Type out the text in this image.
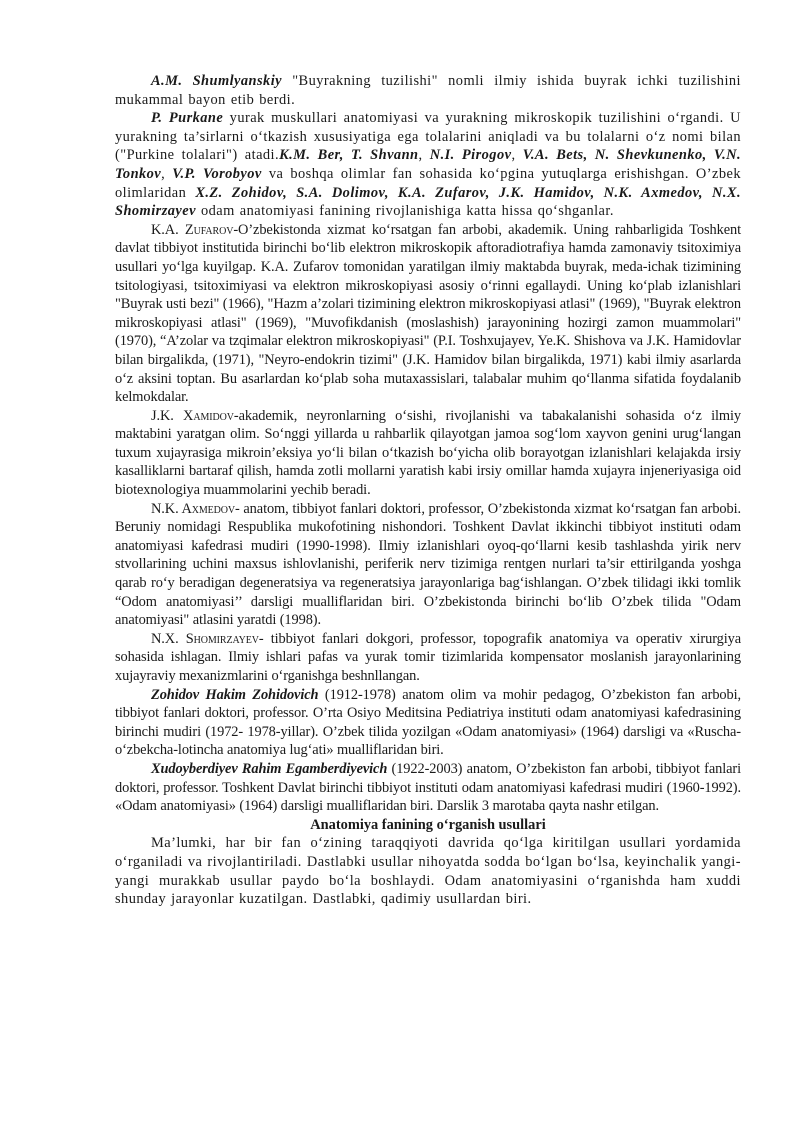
A.M. Shumlyanskiy "Buyrakning tuzilishi" nomli ilmiy ishida buyrak ichki tuzilishini mukammal bayon etib berdi.

P. Purkane yurak muskullari anatomiyasi va yurakning mikroskopik tuzilishini o‘rgandi. U yurakning ta’sirlarni o‘tkazish xususiyatiga ega tolalarini aniqladi va bu tolalarni o‘z nomi bilan ("Purkine tolalari") atadi.K.M. Ber, T. Shvann, N.I. Pirogov, V.A. Bets, N. Shevkunenko, V.N. Tonkov, V.P. Vorobyov va boshqa olimlar fan sohasida ko‘pgina yutuqlarga erishishgan. O’zbek olimlaridan X.Z. Zohidov, S.A. Dolimov, K.A. Zufarov, J.K. Hamidov, N.K. Axmedov, N.X. Shomirzayev odam anatomiyasi fanining rivojlanishiga katta hissa qo‘shganlar.

K.A. Zufarov-O’zbekistonda xizmat ko‘rsatgan fan arbobi, akademik. Uning rahbarligida Toshkent davlat tibbiyot institutida birinchi bo‘lib elektron mikroskopik aftoradiotrafiya hamda zamonaviy tsitoximiya usullari yo‘lga kuyilgap. K.A. Zufarov tomonidan yaratilgan ilmiy maktabda buyrak, meda-ichak tizimining tsitologiyasi, tsitoximiyasi va elektron mikroskopiyasi asosiy o‘rinni egallaydi. Uning ko‘plab izlanishlari "Buyrak usti bezi" (1966), "Hazm a’zolari tizimining elektron mikroskopiyasi atlasi" (1969), "Buyrak elektron mikroskopiyasi atlasi" (1969), "Muvofikdanish (moslashish) jarayonining hozirgi zamon muammolari" (1970), “A’zolar va tzqimalar elektron mikroskopiyasi" (P.I. Toshxujayev, Ye.K. Shishova va J.K. Hamidovlar bilan birgalikda, (1971), "Neyro-endokrin tizimi" (J.K. Hamidov bilan birgalikda, 1971) kabi ilmiy asarlarda o‘z aksini toptan. Bu asarlardan ko‘plab soha mutaxassislari, talabalar muhim qo‘llanma sifatida foydalanib kelmokdalar.

J.K. Xamidov-akademik, neyronlarning o‘sishi, rivojlanishi va tabakalanishi sohasida o‘z ilmiy maktabini yaratgan olim. So‘nggi yillarda u rahbarlik qilayotgan jamoa sog‘lom xayvon genini urug‘langan tuxum xujayrasiga mikroin’eksiya yo‘li bilan o‘tkazish bo‘yicha olib borayotgan izlanishlari kelajakda irsiy kasalliklarni bartaraf qilish, hamda zotli mollarni yaratish kabi irsiy omillar hamda xujayra injeneriyasiga oid biotexnologiya muammolarini yechib beradi.

N.K. Axmedov- anatom, tibbiyot fanlari doktori, professor, O’zbekistonda xizmat ko‘rsatgan fan arbobi. Beruniy nomidagi Respublika mukofotining nishondori. Toshkent Davlat ikkinchi tibbiyot instituti odam anatomiyasi kafedrasi mudiri (1990-1998). Ilmiy izlanishlari oyoq-qo‘llarni kesib tashlashda yirik nerv stvollarining uchini maxsus ishlovlanishi, periferik nerv tizimiga rentgen nurlari ta’sir ettirilganda yoshga qarab ro‘y beradigan degeneratsiya va regeneratsiya jarayonlariga bag‘ishlangan. O’zbek tilidagi ikki tomlik “Odom anatomiyasi’’ darsligi mualliflaridan biri. O’zbekistonda birinchi bo‘lib O’zbek tilida "Odam anatomiyasi" atlasini yaratdi (1998).

N.X. Shomirzayev- tibbiyot fanlari dokgori, professor, topografik anatomiya va operativ xirurgiya sohasida ishlagan. Ilmiy ishlari pafas va yurak tomir tizimlarida kompensator moslanish jarayonlarining xujayraviy mexanizmlarini o‘rganishga beshnllangan.

Zohidov Hakim Zohidovich (1912-1978) anatom olim va mohir pedagog, O’zbekiston fan arbobi, tibbiyot fanlari doktori, professor. O’rta Osiyo Meditsina Pediatriya instituti odam anatomiyasi kafedrasining birinchi mudiri (1972- 1978-yillar). O’zbek tilida yozilgan «Odam anatomiyasi» (1964) darsligi va «Ruscha-o‘zbekcha-lotincha anatomiya lug‘ati» mualliflaridan biri.

Xudoyberdiyev Rahim Egamberdiyevich (1922-2003) anatom, O’zbekiston fan arbobi, tibbiyot fanlari doktori, professor. Toshkent Davlat birinchi tibbiyot instituti odam anatomiyasi kafedrasi mudiri (1960-1992). «Odam anatomiyasi» (1964) darsligi mualliflaridan biri. Darslik 3 marotaba qayta nashr etilgan.

Anatomiya fanining o‘rganish usullari

Ma’lumki, har bir fan o‘zining taraqqiyoti davrida qo‘lga kiritilgan usullari yordamida o‘rganiladi va rivojlantiriladi. Dastlabki usullar nihoyatda sodda bo‘lgan bo‘lsa, keyinchalik yangi-yangi murakkab usullar paydo bo‘la boshlaydi. Odam anatomiyasini o‘rganishda ham xuddi shunday jarayonlar kuzatilgan. Dastlabki, qadimiy usullardan biri.
